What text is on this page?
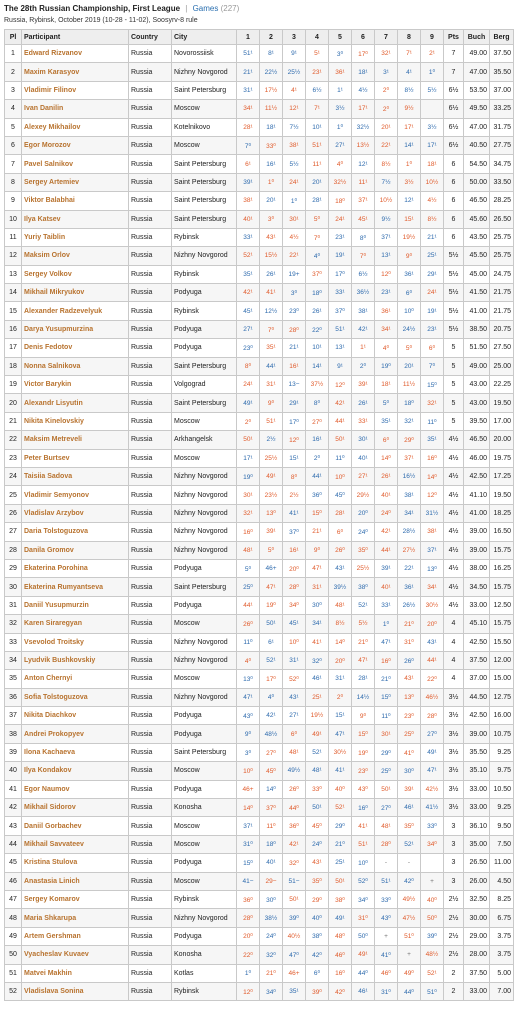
The 28th Russian Championship, First League | Games (227)
Russia, Rybinsk, October 2019 (10-28 - 11-02), Soosyrv-8 rule
Pl	Participant	Country	City	1	2	3	4	5	6	7	8	9	Pts	Buch	Berg
1	Edward Rizvanov	Russia	Novorossiisk	51¹	8¹	9¹	5¹	3⁰	17⁰	32¹	7¹	2¹	7	49.00	37.50
2	Maxim Karasyov	Russia	Nizhny Novgorod	21¹	22½	25½	23¹	36¹	18¹	3¹	4¹	1⁰	7	47.00	35.50
3	Vladimir Filinov	Russia	Saint Petersburg	31¹	17½	4¹	6½	1¹	4½	2⁰	8½	5½	6½	53.50	37.00
4	Ivan Danilin	Russia	Moscow	34¹	11½	12¹	7¹	3½	17¹	2⁰	9½		6½	49.50	33.25
5	Alexey Mikhailov	Russia	Kotelnikovo	28¹	18¹	7½	10¹	1⁰	32½	20¹	17¹	3½	6½	47.00	31.75
6	Egor Morozov	Russia	Moscow	7⁰	33⁰	38¹	51¹	27¹	13½	22¹	14¹	17¹	6½	40.50	27.75
7	Pavel Salnikov	Russia	Saint Petersburg	6¹	16¹	5½	11¹	4⁰	12¹	8½	1⁰	18¹	6	54.50	34.75
8	Sergey Artemiev	Russia	Saint Petersburg	39¹	1⁰	24¹	20¹	32½	11¹	7½	3½	10½	6	50.00	33.50
9	Viktor Balabhai	Russia	Saint Petersburg	38¹	20¹	1⁰	28¹	18⁰	37¹	10½	12¹	4½	6	46.50	28.25
10	Ilya Katsev	Russia	Saint Petersburg	40¹	3⁰	30¹	5⁰	24¹	45¹	9½	15¹	8½	6	45.60	26.50
11	Yuriy Taiblin	Russia	Rybinsk	33¹	43¹	4½	7⁰	23¹	8⁰	37¹	19½	21¹	6	43.50	25.75
12	Maksim Orlov	Russia	Nizhny Novgorod	52¹	15½	22¹	4⁰	19¹	7⁰	13¹	9⁰	25¹	5½	45.50	25.75
13	Sergey Volkov	Russia	Rybinsk	35¹	26¹	19+	37⁰	17⁰	6½	12⁰	36¹	29¹	5½	45.00	24.75
14	Mikhail Mikryukov	Russia	Podyuga	42¹	41¹	3⁰	18⁰	33¹	36½	23¹	6⁰	24¹	5½	41.50	21.75
15	Alexander Radzevelyuk	Russia	Rybinsk	45¹	12½	23⁰	26¹	37⁰	38¹	36¹	10⁰	19¹	5½	41.00	21.75
16	Darya Yusupmurzina	Russia	Podyuga	27¹	7⁰	28⁰	22⁰	51¹	42¹	34¹	24½	23¹	5½	38.50	20.75
17	Denis Fedotov	Russia	Podyuga	23⁰	35¹	21¹	10¹	13¹	1¹	4⁰	5⁰	6⁰	5	51.50	27.50
18	Nonna Salnikova	Russia	Saint Petersburg	8⁰	44¹	16¹	14¹	9¹	2⁰	19⁰	20¹	7⁰	5	49.00	25.00
19	Victor Barykin	Russia	Volgograd	24¹	31¹	13−	37½	12⁰	39¹	18¹	11½	15⁰	5	43.00	22.25
20	Alexandr Lisyutin	Russia	Saint Petersburg	49¹	9⁰	29¹	8⁰	42¹	26¹	5⁰	18⁰	32¹	5	43.00	19.50
21	Nikita Kinelovskiy	Russia	Moscow	2⁰	51¹	17⁰	27⁰	44¹	33¹	35¹	32¹	11⁰	5	39.50	17.00
22	Maksim Metreveli	Russia	Arkhangelsk	50¹	2½	12⁰	16¹	50¹	30¹	6⁰	29⁰	35¹	4½	46.50	20.00
23	Peter Burtsev	Russia	Moscow	17¹	25½	15¹	2⁰	11⁰	40¹	14⁰	37¹	16⁰	4½	46.00	19.75
24	Taisiia Sadova	Russia	Nizhny Novgorod	19⁰	49¹	8⁰	44¹	10⁰	27¹	26¹	16½	14⁰	4½	42.50	17.25
25	Vladimir Semyonov	Russia	Nizhny Novgorod	30¹	23½	2½	36⁰	45⁰	29½	40¹	38¹	12⁰	4½	41.10	19.50
26	Vladislav Arzybov	Russia	Nizhny Novgorod	32¹	13⁰	41¹	15⁰	28¹	20⁰	24⁰	34¹	31½	4½	41.00	18.25
27	Daria Tolstoguzova	Russia	Nizhny Novgorod	16⁰	39¹	37⁰	21¹	6⁰	24⁰	42¹	28½	38¹	4½	39.00	16.50
28	Danila Gromov	Russia	Nizhny Novgorod	48¹	5⁰	16¹	9⁰	26⁰	35⁰	44¹	27½	37¹	4½	39.00	15.75
29	Ekaterina Porohina	Russia	Podyuga	5⁰	46+	20⁰	47¹	43¹	25½	39¹	22¹	13⁰	4½	38.00	16.25
30	Ekaterina Rumyantseva	Russia	Saint Petersburg	25⁰	47¹	28⁰	31¹	39½	38⁰	40¹	36¹	34¹	4½	34.50	15.75
31	Daniil Yusupmurzin	Russia	Podyuga	44¹	19⁰	34⁰	30⁰	48¹	52¹	33¹	26½	30½	4½	33.00	12.50
32	Karen Siraregyan	Russia	Moscow	26⁰	50¹	45¹	34¹	8½	5½	1⁰	21⁰	20⁰	4	45.10	15.75
33	Vsevolod Troitsky	Russia	Nizhny Novgorod	11⁰	6¹	10⁰	41¹	14⁰	21⁰	47¹	31⁰	43¹	4	42.50	15.50
34	Lyudvik Bushkovskiy	Russia	Nizhny Novgorod	4⁰	52¹	31¹	32⁰	20⁰	47¹	16⁰	26⁰	44¹	4	37.50	12.00
35	Anton Chernyi	Russia	Moscow	13⁰	17⁰	52⁰	46¹	31¹	28¹	21⁰	43¹	22⁰	4	37.00	15.00
36	Sofia Tolstoguzova	Russia	Nizhny Novgorod	47¹	4⁰	43¹	25¹	2⁰	14½	15⁰	13⁰	46½	3½	44.50	12.75
37	Nikita Diachkov	Russia	Podyuga	43⁰	42¹	27¹	19½	15¹	9⁰	11⁰	23⁰	28⁰	3½	42.50	16.00
38	Andrei Prokopyev	Russia	Podyuga	9⁰	48½	6⁰	49¹	47¹	15⁰	30¹	25⁰	27⁰	3½	39.00	10.75
39	Ilona Kachaeva	Russia	Saint Petersburg	3⁰	27⁰	48¹	52¹	30½	19⁰	29⁰	41⁰	49¹	3½	35.50	9.25
40	Ilya Kondakov	Russia	Moscow	10⁰	45⁰	49½	48¹	41¹	23⁰	25⁰	30⁰	47¹	3½	35.10	9.75
41	Egor Naumov	Russia	Podyuga	46+	14⁰	26⁰	33⁰	40⁰	43⁰	50¹	39¹	42½	3½	33.00	10.50
42	Mikhail Sidorov	Russia	Konosha	14⁰	37⁰	44⁰	50¹	52¹	16⁰	27⁰	46¹	41½	3½	33.00	9.25
43	Daniil Gorbachev	Russia	Moscow	37¹	11⁰	36⁰	45⁰	29⁰	41¹	48¹	35⁰	33⁰	3	36.10	9.50
44	Mikhail Savvateev	Russia	Moscow	31⁰	18⁰	42¹	24⁰	21⁰	51¹	28⁰	52¹	34⁰	3	35.00	7.50
45	Kristina Stulova	Russia	Podyuga	15⁰	40¹	32⁰	43¹	25¹	10⁰	-	-		3	26.50	11.00
46	Anastasia Linich	Russia	Moscow	41−	29−	51−	35⁰	50¹	52⁰	51¹	42⁰	+	3	26.00	4.50
47	Sergey Komarov	Russia	Rybinsk	36⁰	30⁰	50¹	29⁰	38⁰	34⁰	33⁰	49½	40⁰	2½	32.50	8.25
48	Maria Shkarupa	Russia	Nizhny Novgorod	28⁰	38½	39⁰	40⁰	49¹	31⁰	43⁰	47½	50⁰	2½	30.00	6.75
49	Artem Gershman	Russia	Podyuga	20⁰	24⁰	40½	38⁰	48⁰	50⁰	+	51⁰	39⁰	2½	29.00	3.75
50	Vyacheslav Kuvaev	Russia	Konosha	22⁰	32⁰	47⁰	42⁰	46⁰	49¹	41⁰	+	48½	2½	28.00	3.75
51	Matvei Makhin	Russia	Kotlas	1⁰	21⁰	46+	6⁰	16⁰	44⁰	46⁰	49⁰	52¹	2	37.50	5.00
52	Vladislava Sonina	Russia	Rybinsk	12⁰	34⁰	35¹	39⁰	42⁰	46¹	31⁰	44⁰	51⁰	2	33.00	7.00
